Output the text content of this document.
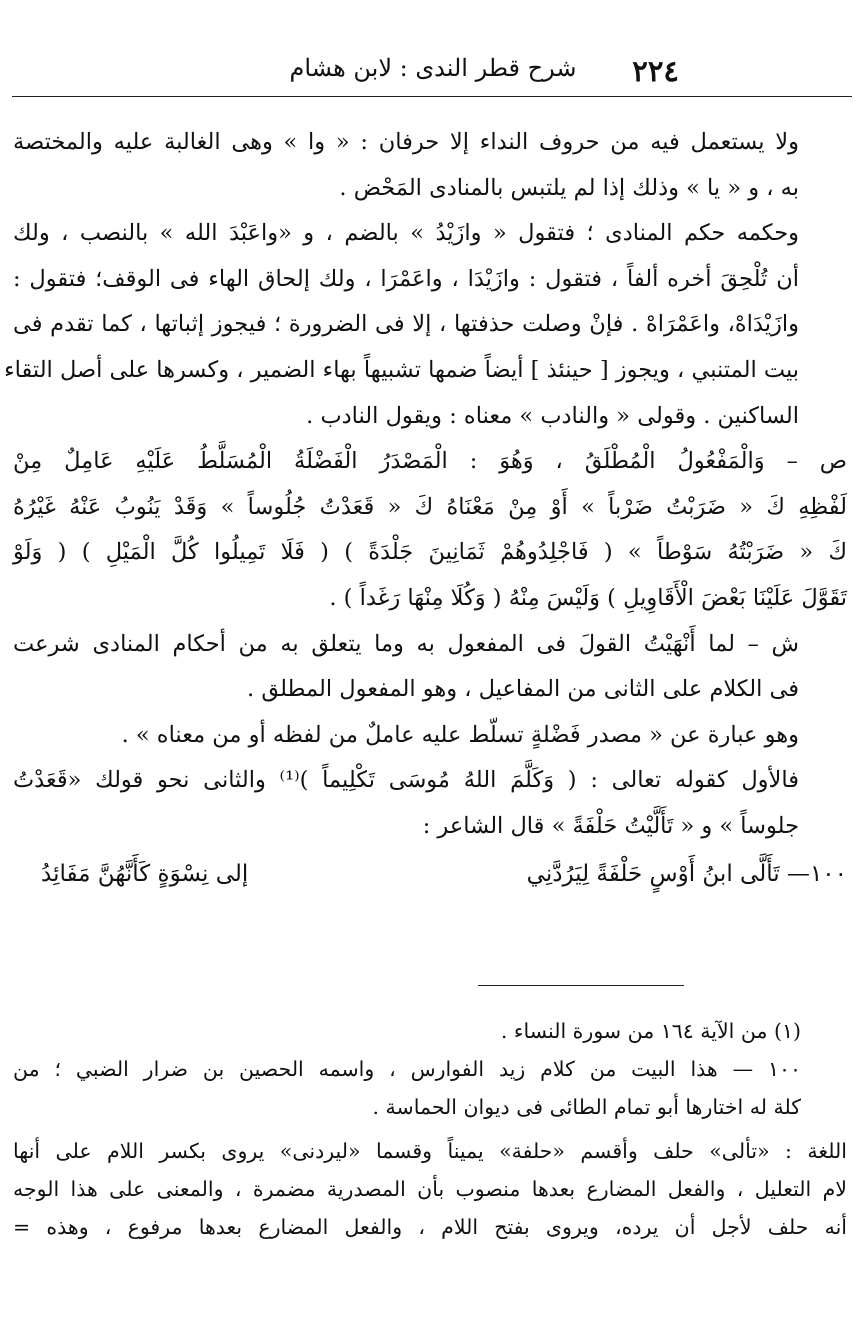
٢٢٤
شرح قطر الندى : لابن هشام

ولا يستعمل فيه من حروف النداء إلا حرفان : « وا » وهى الغالبة عليه والمختصة
به ، و « يا » وذلك إذا لم يلتبس بالمنادى المَحْض .

وحكمه حكم المنادى ؛ فتقول « وازَيْدُ » بالضم ، و «واعَبْدَ الله » بالنصب ، ولك
أن تُلْحِقَ أخره ألفاً ، فتقول : وازَيْدَا ، واعَمْرَا ، ولك إلحاق الهاء فى الوقف؛ فتقول :
وازَيْدَاهْ، واعَمْرَاهْ . فإنْ وصلت حذفتها ، إلا فى الضرورة ؛ فيجوز إثباتها ، كما تقدم فى
بيت المتنبي ، ويجوز [ حينئذ ] أيضاً ضمها تشبيهاً بهاء الضمير ، وكسرها على أصل التقاء
الساكنين . وقولى « والنادب » معناه : ويقول النادب .

ص – وَالْمَفْعُولُ الْمُطْلَقُ ، وَهُوَ : الْمَصْدَرُ الْفَضْلَةُ الْمُسَلَّطُ عَلَيْهِ عَامِلٌ مِنْ
لَفْظِهِ كَ « ضَرَبْتُ ضَرْباً » أَوْ مِنْ مَعْنَاهُ كَ « قَعَدْتُ جُلُوساً » وَقَدْ يَنُوبُ عَنْهُ غَيْرُهُ
كَ « ضَرَبْتُهُ سَوْطاً » ( فَاجْلِدُوهُمْ ثَمَانِينَ جَلْدَةً ) ( فَلَا تَمِيلُوا كُلَّ الْمَيْلِ ) ( وَلَوْ
تَقَوَّلَ عَلَيْنَا بَعْضَ الْأَقَاوِيلِ ) وَلَيْسَ مِنْهُ ( وَكُلَا مِنْهَا رَغَداً ) .

ش – لما أَنْهَيْتُ القولَ فى المفعول به وما يتعلق به من أحكام المنادى شرعت
فى الكلام على الثانى من المفاعيل ، وهو المفعول المطلق .

وهو عبارة عن « مصدر فَضْلةٍ تسلّط عليه عاملٌ من لفظه أو من معناه » .

فالأول كقوله تعالى : ( وَكَلَّمَ اللهُ مُوسَى تَكْلِيماً )⁽¹⁾ والثانى نحو قولك «قَعَدْتُ
جلوساً » و « تَأَلَّيْتُ حَلْفَةً » قال الشاعر :

١٠٠— تَأَلَّى ابنُ أَوْسٍ حَلْفَةً لِيَرُدَّنِي
إلى نِسْوَةٍ كَأَنَّهُنَّ مَفَائِدُ

(١) من الآية ١٦٤ من سورة النساء .

١٠٠ — هذا البيت من كلام زيد الفوارس ، واسمه الحصين بن ضرار الضبي ؛ من
كلة له اختارها أبو تمام الطائى فى ديوان الحماسة .

اللغة : «تألى» حلف وأقسم «حلفة» يميناً وقسما «ليردنى» يروى بكسر اللام على أنها
لام التعليل ، والفعل المضارع بعدها منصوب بأن المصدرية مضمرة ، والمعنى على هذا الوجه
أنه حلف لأجل أن يرده، ويروى بفتح اللام ، والفعل المضارع بعدها مرفوع ، وهذه =
